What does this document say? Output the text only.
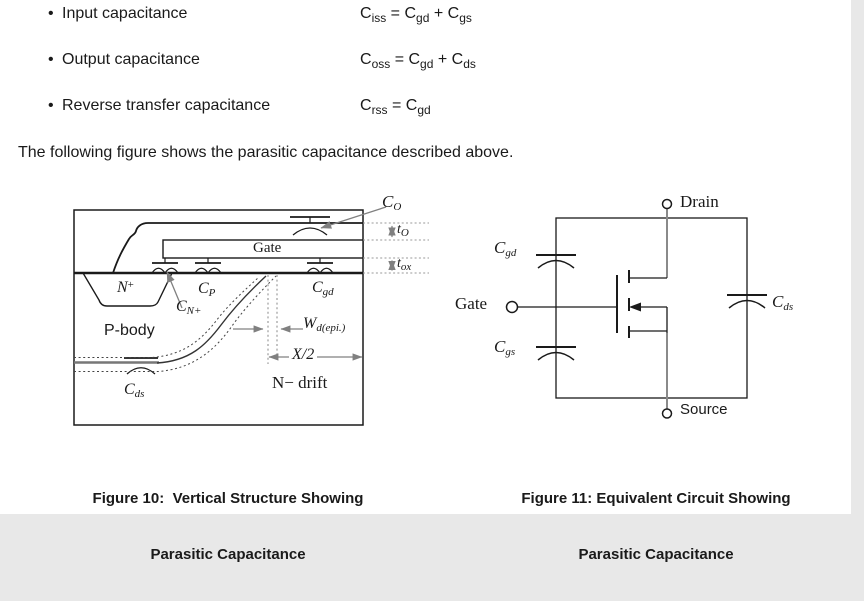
• Input capacitance	$C_{iss} = C_{gd} + C_{gs}$
• Output capacitance	$C_{oss} = C_{gd} + C_{ds}$
• Reverse transfer capacitance	$C_{rss} = C_{gd}$
The following figure shows the parasitic capacitance described above.
$C_O$
$t_O$
$t_{ox}$
Gate
N+	$C_P$
$C_{N+}$
$C_{gd}$
P-body	$W_{d(epi.)}$
X/2
N− drift
$C_{ds}$
Drain
Gate
Source
$C_{gd}$
$C_{gs}$
$C_{ds}$

Figure 10:  Vertical Structure Showing

Parasitic Capacitance

Figure 11: Equivalent Circuit Showing

Parasitic Capacitance
